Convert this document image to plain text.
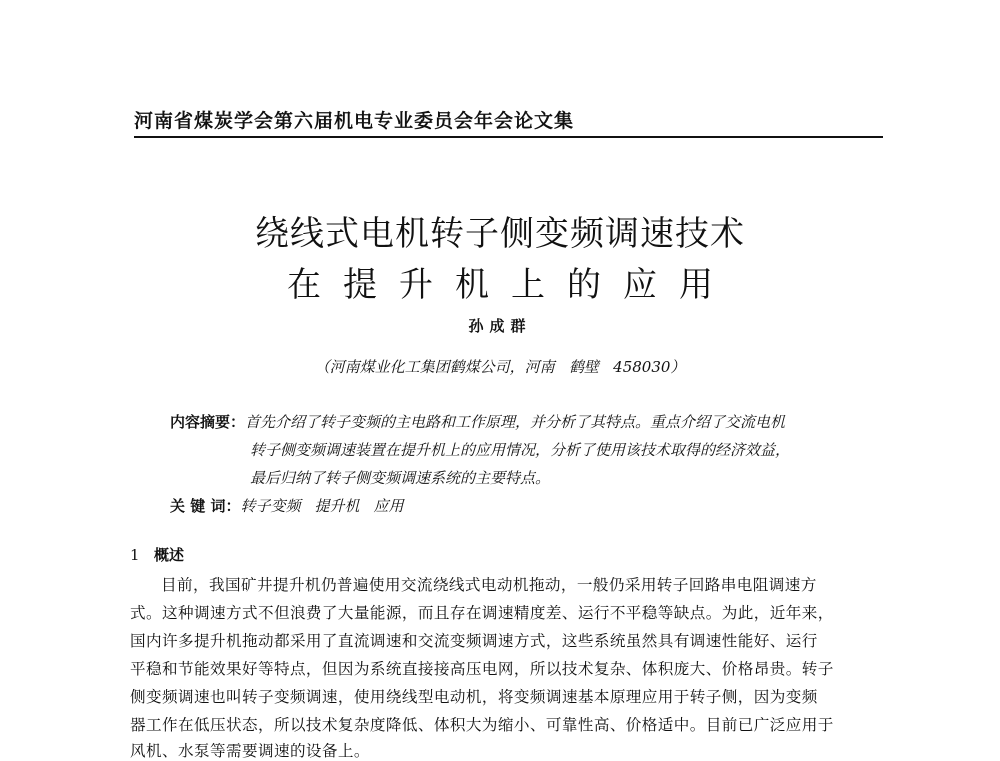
河南省煤炭学会第六届机电专业委员会年会论文集
绕线式电机转子侧变频调速技术
在提升机上的应用
孙成群
（河南煤业化工集团鹤煤公司，河南   鹤壁   458030）
内容摘要：首先介绍了转子变频的主电路和工作原理，并分析了其特点。重点介绍了交流电机
转子侧变频调速装置在提升机上的应用情况，分析了使用该技术取得的经济效益，
最后归纳了转子侧变频调速系统的主要特点。
关 键 词：转子变频 提升机 应用
1 概述
目前，我国矿井提升机仍普遍使用交流绕线式电动机拖动，一般仍采用转子回路串电阻调速方
式。这种调速方式不但浪费了大量能源，而且存在调速精度差、运行不平稳等缺点。为此，近年来，
国内许多提升机拖动都采用了直流调速和交流变频调速方式，这些系统虽然具有调速性能好、运行
平稳和节能效果好等特点，但因为系统直接接高压电网，所以技术复杂、体积庞大、价格昂贵。转子
侧变频调速也叫转子变频调速，使用绕线型电动机，将变频调速基本原理应用于转子侧，因为变频
器工作在低压状态，所以技术复杂度降低、体积大为缩小、可靠性高、价格适中。目前已广泛应用于
风机、水泵等需要调速的设备上。
